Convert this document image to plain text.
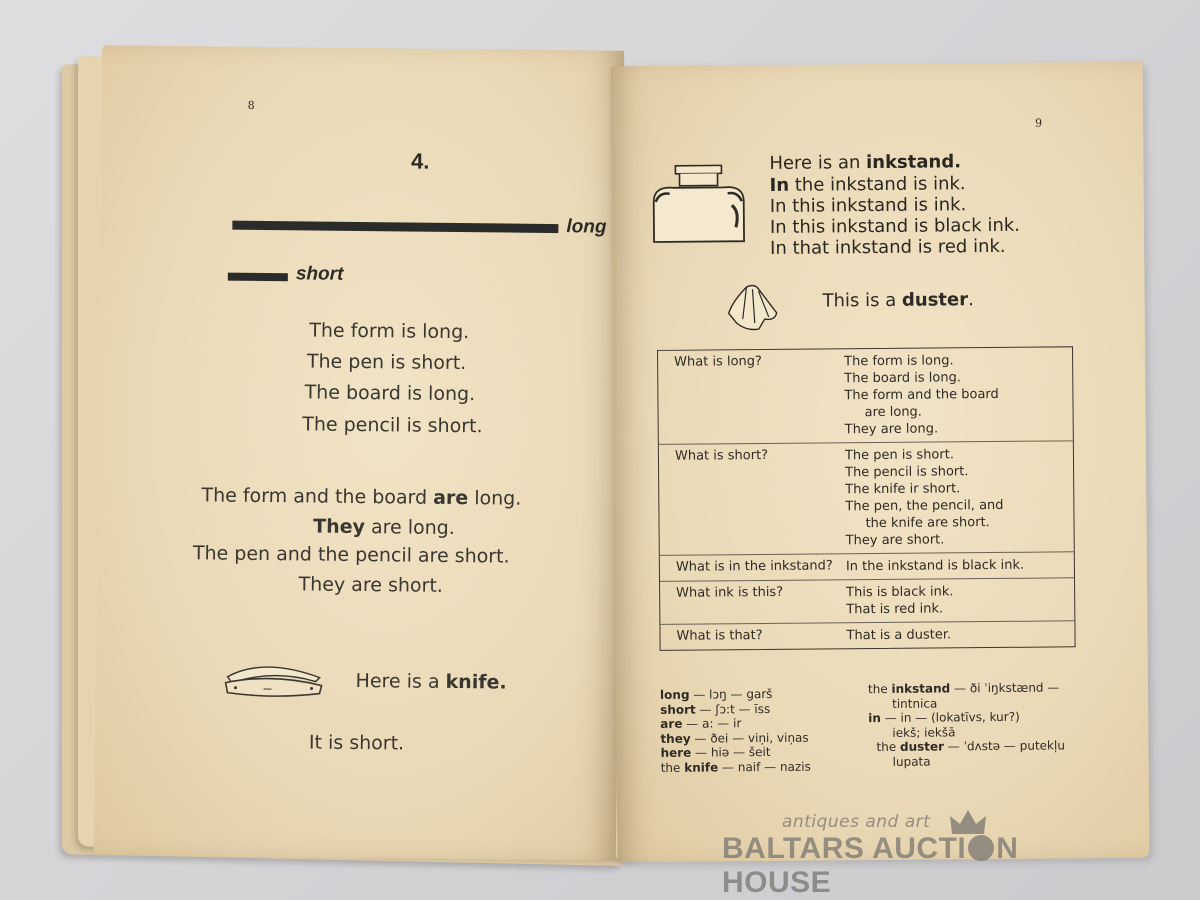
8
4.
long
short
The form is long.
The pen is short.
The board is long.
The pencil is short.
The form and the board are long.
They are long.
The pen and the pencil are short.
They are short.
Here is a knife.
It is short.
9
Here is an inkstand.
In the inkstand is ink.
In this inkstand is ink.
In this inkstand is black ink.
In that inkstand is red ink.
This is a duster.
What is long?	The form is long.
The board is long.
The form and the board
are long.
They are long.
What is short?	The pen is short.
The pencil is short.
The knife ir short.
The pen, the pencil, and
the knife are short.
They are short.
What is in the inkstand?	In the inkstand is black ink.
What ink is this?	This is black ink.
That is red ink.
What is that?	That is a duster.
long — lɔŋ — garš
short — ʃɔ:t — īss
are — a: — ir
they — ðei — viņi, viņas
here — hiə — šeit
the knife — naif — nazis
the inkstand — ði ˈiŋkstænd —
tintnica
in — in — (lokatīvs, kur?)
iekš; iekšā
the duster — ˈdʌstə — putekļu
lupata
antiques and art
BALTARS AUCTI N HOUSE
